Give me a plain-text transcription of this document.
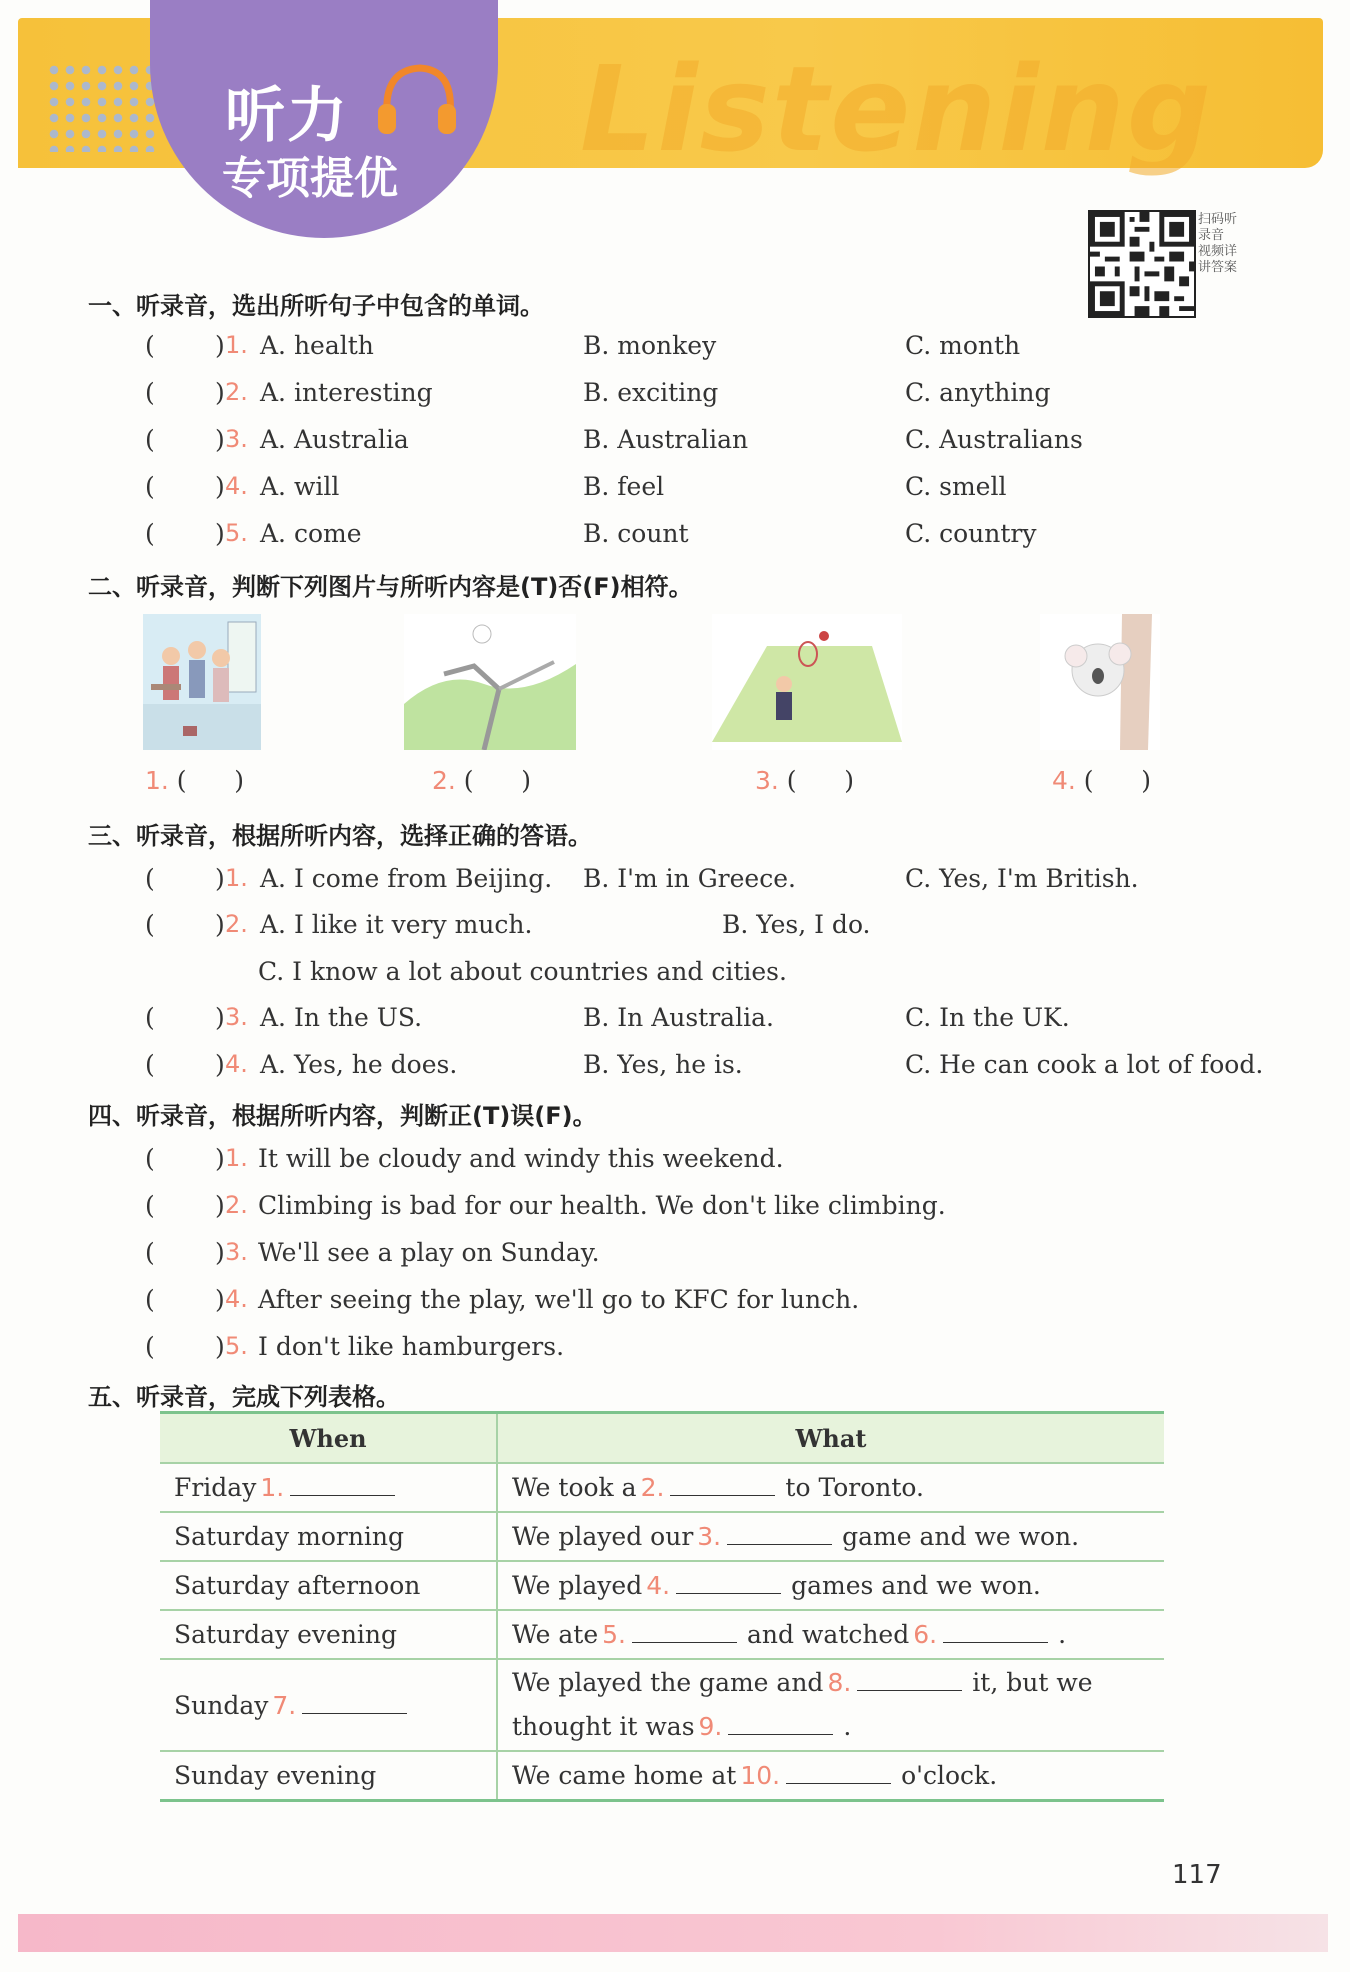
听力
专项提优
Listening
扫码听录音 视频详讲答案
一、听录音，选出所听句子中包含的单词。
( ) 1. A. health	B. monkey	C. month
( ) 2. A. interesting	B. exciting	C. anything
( ) 3. A. Australia	B. Australian	C. Australians
( ) 4. A. will	B. feel	C. smell
( ) 5. A. come	B. count	C. country
二、听录音，判断下列图片与所听内容是(T)否(F)相符。
1. (      )	2. (      )	3. (      )	4. (      )
三、听录音，根据所听内容，选择正确的答语。
( ) 1. A. I come from Beijing. B. I'm in Greece.	C. Yes, I'm British.
( ) 2. A. I like it very much.	B. Yes, I do.
C. I know a lot about countries and cities.
( ) 3. A. In the US.	B. In Australia.	C. In the UK.
( ) 4. A. Yes, he does.	B. Yes, he is.	C. He can cook a lot of food.
四、听录音，根据所听内容，判断正(T)误(F)。
( ) 1. It will be cloudy and windy this weekend.
( ) 2. Climbing is bad for our health. We don't like climbing.
( ) 3. We'll see a play on Sunday.
( ) 4. After seeing the play, we'll go to KFC for lunch.
( ) 5. I don't like hamburgers.
五、听录音，完成下列表格。
When	What
Friday 1.	We took a 2. to Toronto.
Saturday morning	We played our 3. game and we won.
Saturday afternoon	We played 4. games and we won.
Saturday evening	We ate 5. and watched 6. .
Sunday 7.	We played the game and 8. it, but we thought it was 9. .
Sunday evening	We came home at 10. o'clock.
117
